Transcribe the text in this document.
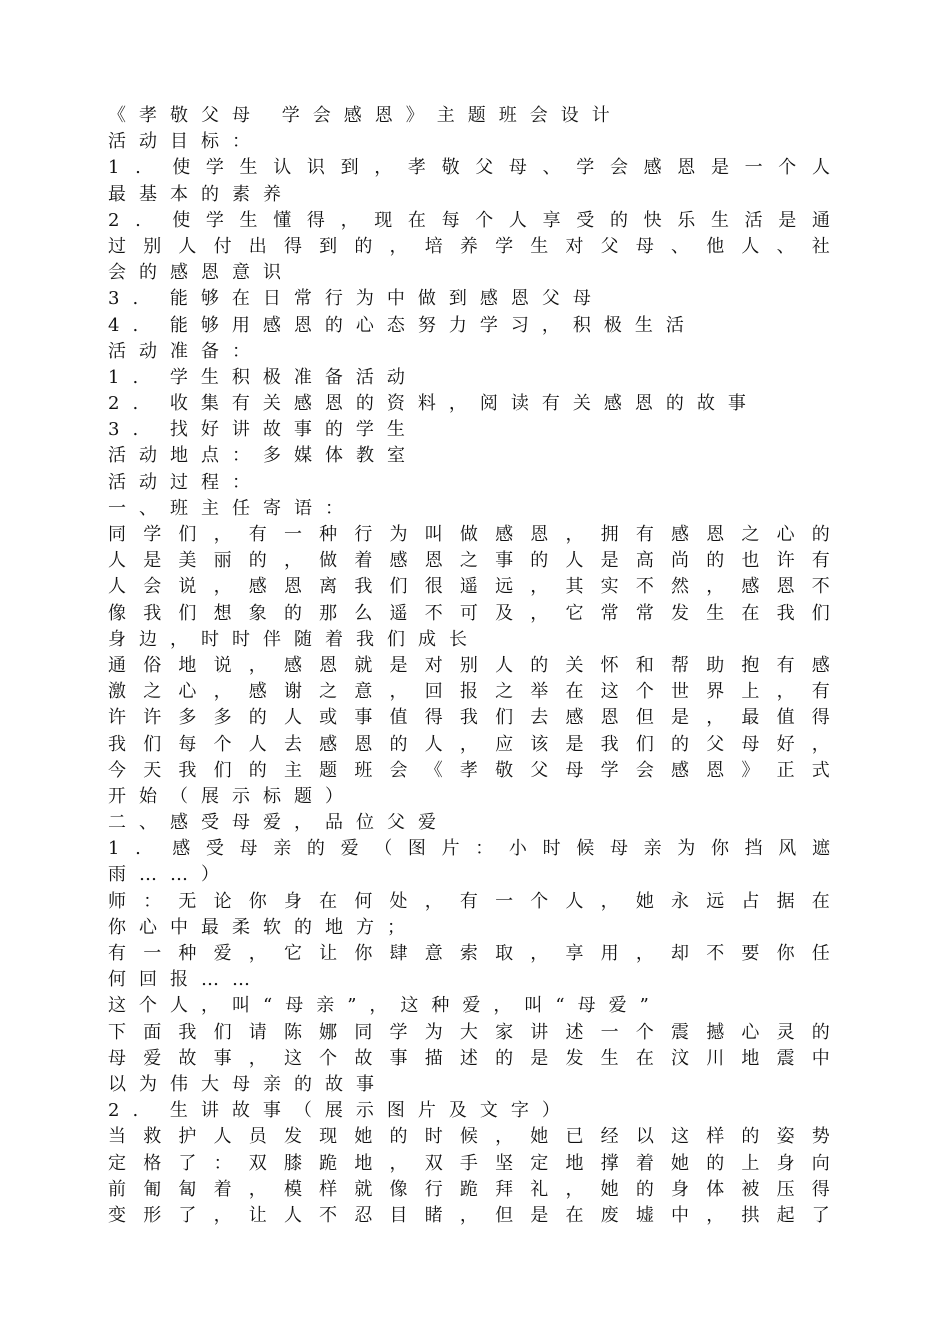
《孝敬父母 学会感恩》主题班会设计
活动目标：
1 . 使 学 生 认 识 到 ， 孝 敬 父 母 、 学 会 感 恩 是 一 个 人
最基本的素养
2 . 使 学 生 懂 得 ， 现 在 每 个 人 享 受 的 快 乐 生 活 是 通
过 别 人 付 出 得 到 的 ， 培 养 学 生 对 父 母 、 他 人 、 社
会的感恩意识
3. 能够在日常行为中做到感恩父母
4. 能够用感恩的心态努力学习，积极生活
活动准备：
1. 学生积极准备活动
2. 收集有关感恩的资料，阅读有关感恩的故事
3. 找好讲故事的学生
活动地点：多媒体教室
活动过程：
一、班主任寄语：
同 学 们 ， 有 一 种 行 为 叫 做 感 恩 ， 拥 有 感 恩 之 心 的
人 是 美 丽 的 ， 做 着 感 恩 之 事 的 人 是 高 尚 的 也 许 有
人 会 说 ， 感 恩 离 我 们 很 遥 远 ， 其 实 不 然 ， 感 恩 不
像 我 们 想 象 的 那 么 遥 不 可 及 ， 它 常 常 发 生 在 我 们
身边，时时伴随着我们成长
通 俗 地 说 ， 感 恩 就 是 对 别 人 的 关 怀 和 帮 助 抱 有 感
激 之 心 ， 感 谢 之 意 ， 回 报 之 举 在 这 个 世 界 上 ， 有
许 许 多 多 的 人 或 事 值 得 我 们 去 感 恩 但 是 ， 最 值 得
我 们 每 个 人 去 感 恩 的 人 ， 应 该 是 我 们 的 父 母 好 ，
今 天 我 们 的 主 题 班 会 《 孝 敬 父 母 学 会 感 恩 》 正 式
开始（展示标题）
二、感受母爱，品位父爱
1 . 感 受 母 亲 的 爱 （ 图 片 ： 小 时 候 母 亲 为 你 挡 风 遮
雨……）
师 ： 无 论 你 身 在 何 处 ， 有 一 个 人 ， 她 永 远 占 据 在
你心中最柔软的地方；
有 一 种 爱 ， 它 让 你 肆 意 索 取 ， 享 用 ， 却 不 要 你 任
何回报……
这个人，叫“母亲”，这种爱，叫“母爱”
下 面 我 们 请 陈 娜 同 学 为 大 家 讲 述 一 个 震 撼 心 灵 的
母 爱 故 事 ， 这 个 故 事 描 述 的 是 发 生 在 汶 川 地 震 中
以为伟大母亲的故事
2. 生讲故事（展示图片及文字）
当 救 护 人 员 发 现 她 的 时 候 ， 她 已 经 以 这 样 的 姿 势
定 格 了 ： 双 膝 跪 地 ， 双 手 坚 定 地 撑 着 她 的 上 身 向
前 匍 匐 着 ， 模 样 就 像 行 跪 拜 礼 ， 她 的 身 体 被 压 得
变 形 了 ， 让 人 不 忍 目 睹 ， 但 是 在 废 墟 中 ， 拱 起 了
